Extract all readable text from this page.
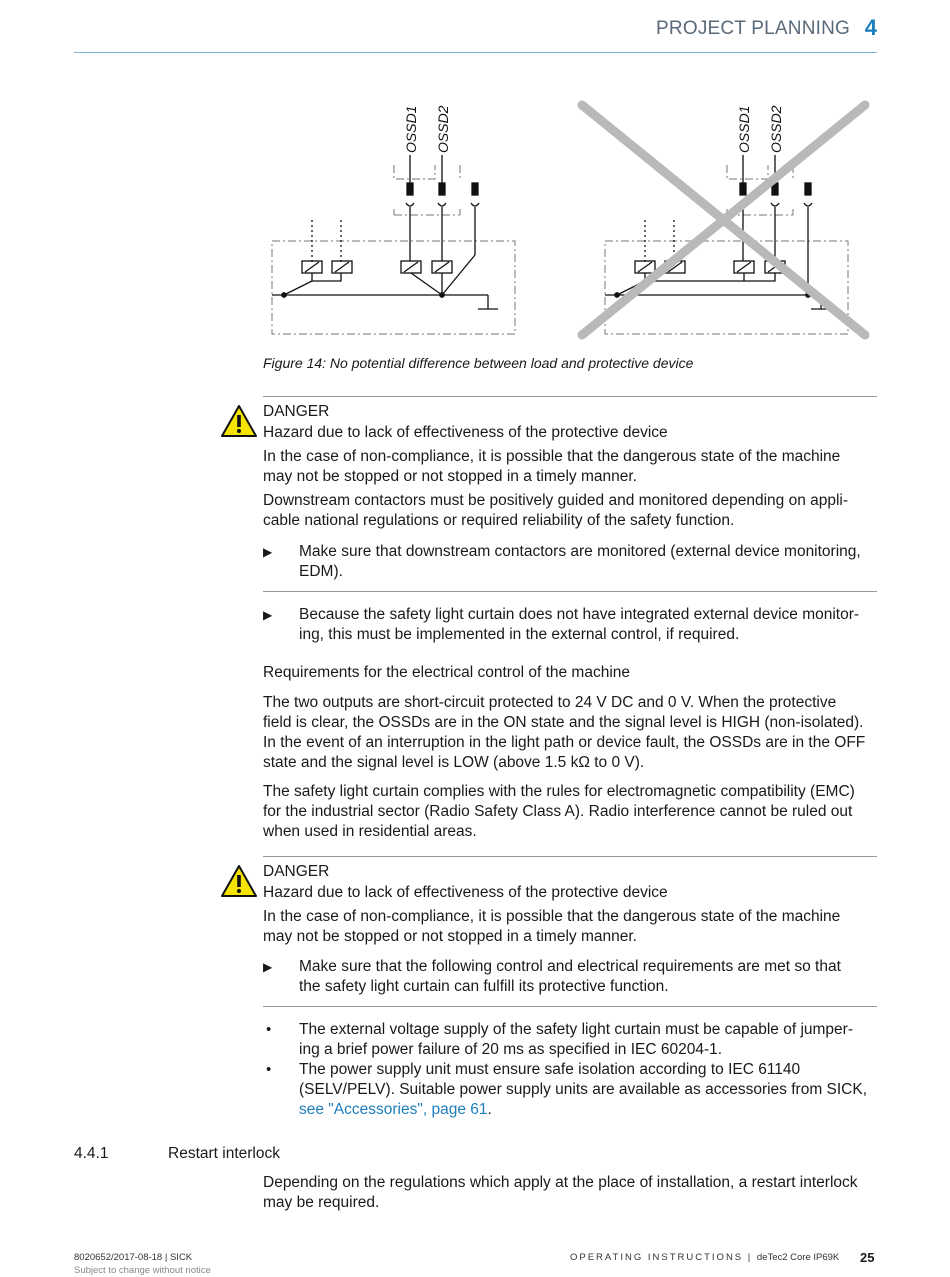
PROJECT PLANNING 4
OSSD1 OSSD2	OSSD1 OSSD2
Figure 14: No potential difference between load and protective device
DANGER
Hazard due to lack of effectiveness of the protective device
In the case of non-compliance, it is possible that the dangerous state of the machine
may not be stopped or not stopped in a timely manner.
Downstream contactors must be positively guided and monitored depending on appli-
cable national regulations or required reliability of the safety function.
▶ Make sure that downstream contactors are monitored (external device monitoring,
EDM).
▶ Because the safety light curtain does not have integrated external device monitor-
ing, this must be implemented in the external control, if required.
Requirements for the electrical control of the machine
The two outputs are short-circuit protected to 24 V DC and 0 V. When the protective
field is clear, the OSSDs are in the ON state and the signal level is HIGH (non-isolated).
In the event of an interruption in the light path or device fault, the OSSDs are in the OFF
state and the signal level is LOW (above 1.5 kΩ to 0 V).
The safety light curtain complies with the rules for electromagnetic compatibility (EMC)
for the industrial sector (Radio Safety Class A). Radio interference cannot be ruled out
when used in residential areas.
DANGER
Hazard due to lack of effectiveness of the protective device
In the case of non-compliance, it is possible that the dangerous state of the machine
may not be stopped or not stopped in a timely manner.
▶ Make sure that the following control and electrical requirements are met so that
the safety light curtain can fulfill its protective function.
• The external voltage supply of the safety light curtain must be capable of jumper-
ing a brief power failure of 20 ms as specified in IEC 60204-1.
• The power supply unit must ensure safe isolation according to IEC 61140
(SELV/PELV). Suitable power supply units are available as accessories from SICK,
see "Accessories", page 61.
4.4.1	Restart interlock
Depending on the regulations which apply at the place of installation, a restart interlock
may be required.
8020652/2017-08-18 | SICK
Subject to change without notice
OPERATING INSTRUCTIONS | deTec2 Core IP69K 25
